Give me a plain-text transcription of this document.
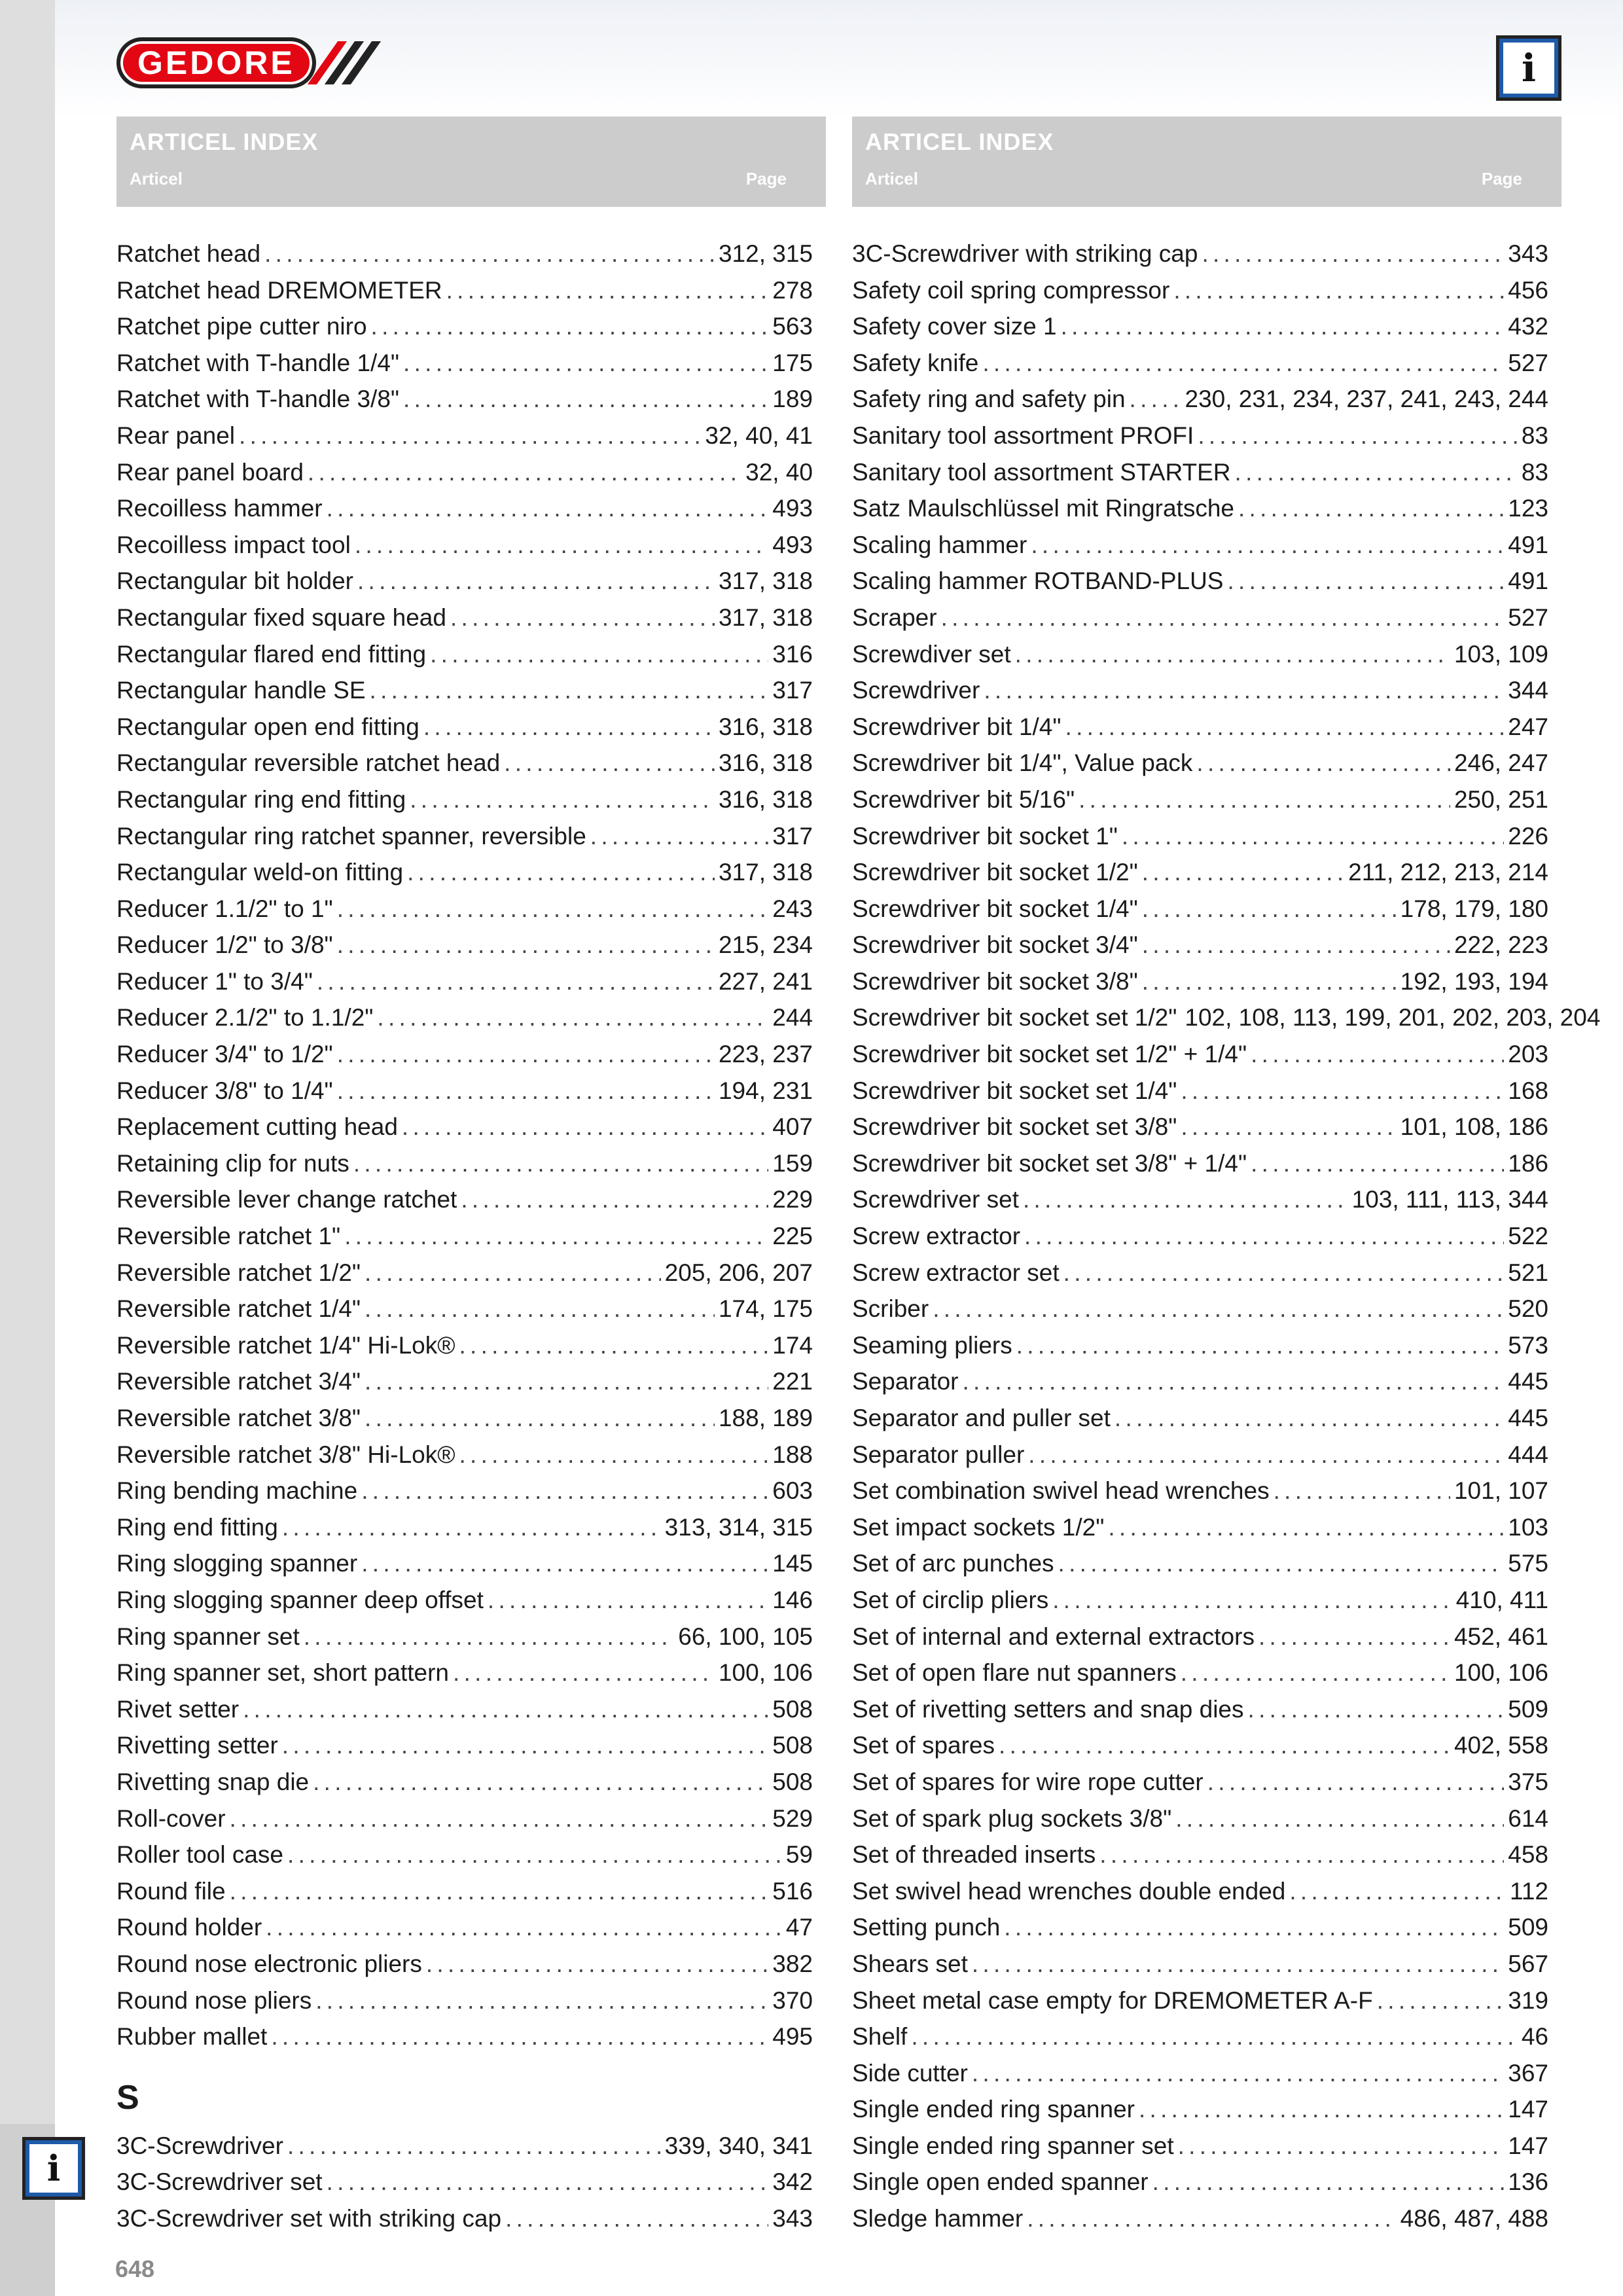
GEDORE	i
ARTICEL INDEX
Articel	Page
ARTICEL INDEX
Articel	Page
Ratchet head . . .	312, 315
Ratchet head DREMOMETER . . .	278
Ratchet pipe cutter niro . . .	563
Ratchet with T-handle 1/4" . . .	175
Ratchet with T-handle 3/8" . . .	189
Rear panel . . .	32, 40, 41
Rear panel board . . .	32, 40
Recoilless hammer . . .	493
Recoilless impact tool . . .	493
Rectangular bit holder . . .	317, 318
Rectangular fixed square head . . .	317, 318
Rectangular flared end fitting . . .	316
Rectangular handle SE . . .	317
Rectangular open end fitting . . .	316, 318
Rectangular reversible ratchet head . . .	316, 318
Rectangular ring end fitting . . .	316, 318
Rectangular ring ratchet spanner, reversible . . .	317
Rectangular weld-on fitting . . .	317, 318
Reducer 1.1/2" to 1" . . .	243
Reducer 1/2" to 3/8" . . .	215, 234
Reducer 1" to 3/4" . . .	227, 241
Reducer 2.1/2" to 1.1/2" . . .	244
Reducer 3/4" to 1/2" . . .	223, 237
Reducer 3/8" to 1/4" . . .	194, 231
Replacement cutting head . . .	407
Retaining clip for nuts . . .	159
Reversible lever change ratchet . . .	229
Reversible ratchet 1" . . .	225
Reversible ratchet 1/2" . . .	205, 206, 207
Reversible ratchet 1/4" . . .	174, 175
Reversible ratchet 1/4" Hi-Lok® . . .	174
Reversible ratchet 3/4" . . .	221
Reversible ratchet 3/8" . . .	188, 189
Reversible ratchet 3/8" Hi-Lok® . . .	188
Ring bending machine . . .	603
Ring end fitting . . .	313, 314, 315
Ring slogging spanner . . .	145
Ring slogging spanner deep offset . . .	146
Ring spanner set . . .	66, 100, 105
Ring spanner set, short pattern . . .	100, 106
Rivet setter . . .	508
Rivetting setter . . .	508
Rivetting snap die . . .	508
Roll-cover . . .	529
Roller tool case . . .	59
Round file . . .	516
Round holder . . .	47
Round nose electronic pliers . . .	382
Round nose pliers . . .	370
Rubber mallet . . .	495
S
3C-Screwdriver . . .	339, 340, 341
3C-Screwdriver set . . .	342
3C-Screwdriver set with striking cap . . .	343
3C-Screwdriver with striking cap . . .	343
Safety coil spring compressor . . .	456
Safety cover size 1 . . .	432
Safety knife . . .	527
Safety ring and safety pin . . . 230, 231, 234, 237, 241, 243, 244
Sanitary tool assortment PROFI . . .	83
Sanitary tool assortment STARTER . . .	83
Satz Maulschlüssel mit Ringratsche . . .	123
Scaling hammer . . .	491
Scaling hammer ROTBAND-PLUS . . .	491
Scraper . . .	527
Screwdiver set . . .	103, 109
Screwdriver . . .	344
Screwdriver bit 1/4" . . .	247
Screwdriver bit 1/4", Value pack . . .	246, 247
Screwdriver bit 5/16" . . .	250, 251
Screwdriver bit socket 1" . . .	226
Screwdriver bit socket 1/2" . . .	211, 212, 213, 214
Screwdriver bit socket 1/4" . . .	178, 179, 180
Screwdriver bit socket 3/4" . . .	222, 223
Screwdriver bit socket 3/8" . . .	192, 193, 194
Screwdriver bit socket set 1/2" 102, 108, 113, 199, 201, 202, 203, 204
Screwdriver bit socket set 1/2" + 1/4" . . .	203
Screwdriver bit socket set 1/4" . . .	168
Screwdriver bit socket set 3/8" . . .	101, 108, 186
Screwdriver bit socket set 3/8" + 1/4" . . .	186
Screwdriver set . . .	103, 111, 113, 344
Screw extractor . . .	522
Screw extractor set . . .	521
Scriber . . .	520
Seaming pliers . . .	573
Separator . . .	445
Separator and puller set . . .	445
Separator puller . . .	444
Set combination swivel head wrenches . . .	101, 107
Set impact sockets 1/2" . . .	103
Set of arc punches . . .	575
Set of circlip pliers . . .	410, 411
Set of internal and external extractors . . .	452, 461
Set of open flare nut spanners . . .	100, 106
Set of rivetting setters and snap dies . . .	509
Set of spares . . .	402, 558
Set of spares for wire rope cutter . . .	375
Set of spark plug sockets 3/8" . . .	614
Set of threaded inserts . . .	458
Set swivel head wrenches double ended . . .	112
Setting punch . . .	509
Shears set . . .	567
Sheet metal case empty for DREMOMETER A-F . . .	319
Shelf . . .	46
Side cutter . . .	367
Single ended ring spanner . . .	147
Single ended ring spanner set . . .	147
Single open ended spanner . . .	136
Sledge hammer . . .	486, 487, 488
i
648
